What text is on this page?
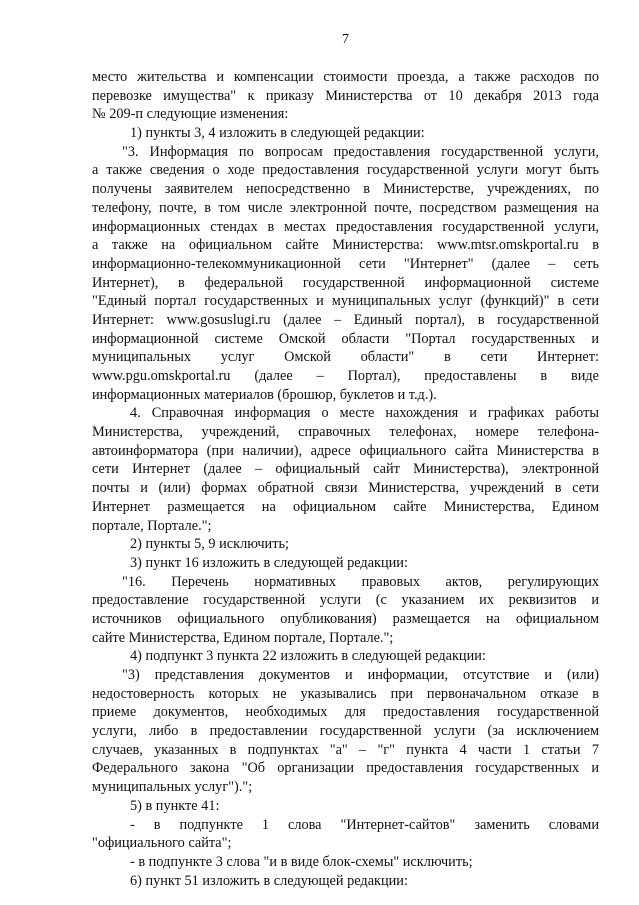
7
место жительства и компенсации стоимости проезда, а также расходов по
перевозке имущества" к приказу Министерства от 10 декабря 2013 года
№ 209-п следующие изменения:
1) пункты 3, 4 изложить в следующей редакции:
"3. Информация по вопросам предоставления государственной услуги,
а также сведения о ходе предоставления государственной услуги могут быть
получены заявителем непосредственно в Министерстве, учреждениях, по
телефону, почте, в том числе электронной почте, посредством размещения на
информационных стендах в местах предоставления государственной услуги,
а также на официальном сайте Министерства: www.mtsr.omskportal.ru в
информационно-телекоммуникационной сети "Интернет" (далее – сеть
Интернет), в федеральной государственной информационной системе
"Единый портал государственных и муниципальных услуг (функций)" в сети
Интернет: www.gosuslugi.ru (далее – Единый портал), в государственной
информационной системе Омской области "Портал государственных и
муниципальных услуг Омской области" в сети Интернет:
www.pgu.omskportal.ru (далее – Портал), предоставлены в виде
информационных материалов (брошюр, буклетов и т.д.).
4. Справочная информация о месте нахождения и графиках работы
Министерства, учреждений, справочных телефонах, номере телефона-
автоинформатора (при наличии), адресе официального сайта Министерства в
сети Интернет (далее – официальный сайт Министерства), электронной
почты и (или) формах обратной связи Министерства, учреждений в сети
Интернет размещается на официальном сайте Министерства, Едином
портале, Портале.";
2) пункты 5, 9 исключить;
3) пункт 16 изложить в следующей редакции:
"16. Перечень нормативных правовых актов, регулирующих
предоставление государственной услуги (с указанием их реквизитов и
источников официального опубликования) размещается на официальном
сайте Министерства, Едином портале, Портале.";
4) подпункт 3 пункта 22 изложить в следующей редакции:
"3) представления документов и информации, отсутствие и (или)
недостоверность которых не указывались при первоначальном отказе в
приеме документов, необходимых для предоставления государственной
услуги, либо в предоставлении государственной услуги (за исключением
случаев, указанных в подпунктах "а" – "г" пункта 4 части 1 статьи 7
Федерального закона "Об организации предоставления государственных и
муниципальных услуг").";
5) в пункте 41:
- в подпункте 1 слова "Интернет-сайтов" заменить словами
"официального сайта";
- в подпункте 3 слова "и в виде блок-схемы" исключить;
6) пункт 51 изложить в следующей редакции:
